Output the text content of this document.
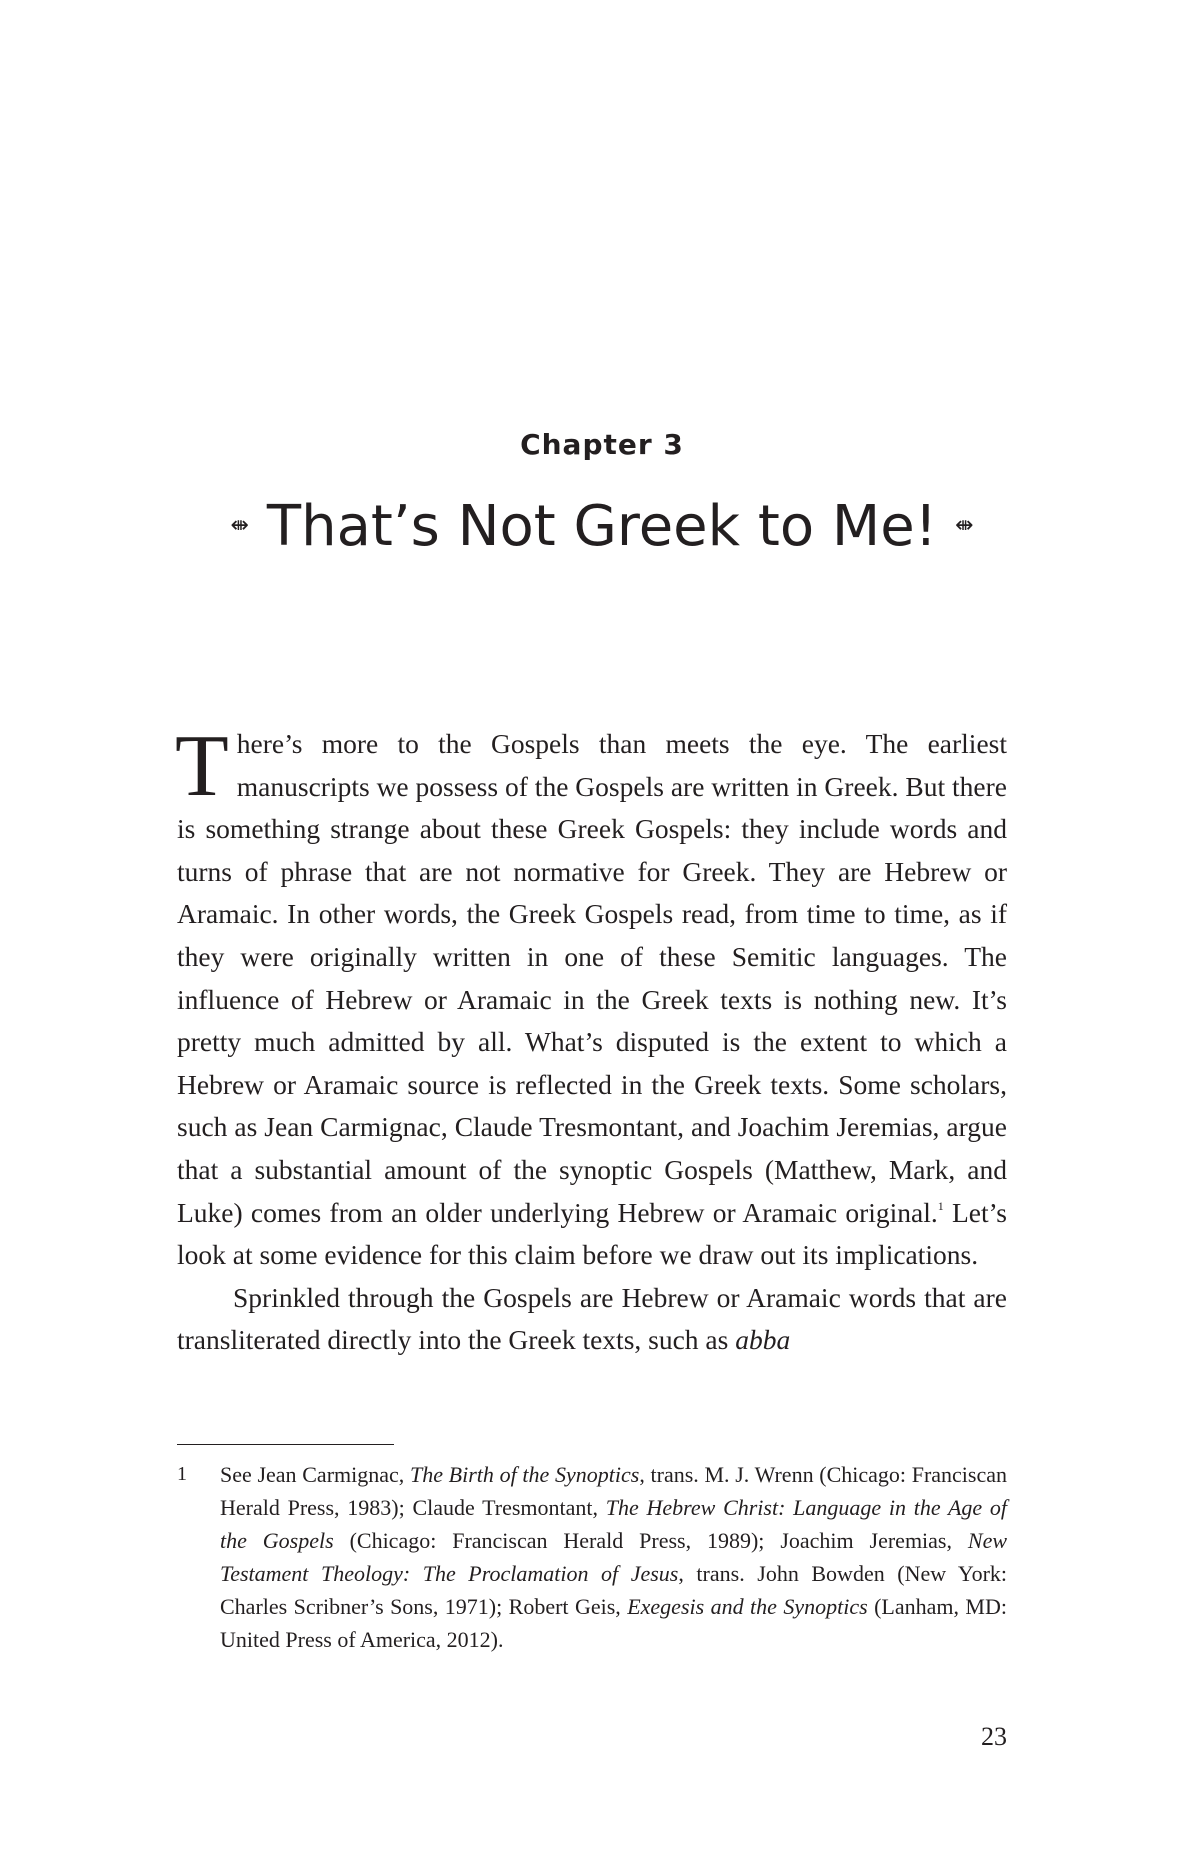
Chapter 3
⇼ That’s Not Greek to Me! ⇼

There’s more to the Gospels than meets the eye. The earliest manuscripts we possess of the Gospels are written in Greek. But there is something strange about these Greek Gospels: they include words and turns of phrase that are not normative for Greek. They are Hebrew or Aramaic. In other words, the Greek Gospels read, from time to time, as if they were originally written in one of these Semitic languages. The influence of Hebrew or Aramaic in the Greek texts is nothing new. It’s pretty much admitted by all. What’s disputed is the extent to which a Hebrew or Aramaic source is reflected in the Greek texts. Some scholars, such as Jean Carmignac, Claude Tresmontant, and Joachim Jeremias, argue that a substantial amount of the synoptic Gospels (Matthew, Mark, and Luke) comes from an older underlying Hebrew or Aramaic original.$^1$ Let’s look at some evidence for this claim before we draw out its implications.

Sprinkled through the Gospels are Hebrew or Aramaic words that are transliterated directly into the Greek texts, such as abba

1 See Jean Carmignac, The Birth of the Synoptics, trans. M. J. Wrenn (Chicago: Franciscan Herald Press, 1983); Claude Tresmontant, The Hebrew Christ: Language in the Age of the Gospels (Chicago: Franciscan Herald Press, 1989); Joachim Jeremias, New Testament Theology: The Proclamation of Jesus, trans. John Bowden (New York: Charles Scribner’s Sons, 1971); Robert Geis, Exegesis and the Synoptics (Lanham, MD: United Press of America, 2012).
23
